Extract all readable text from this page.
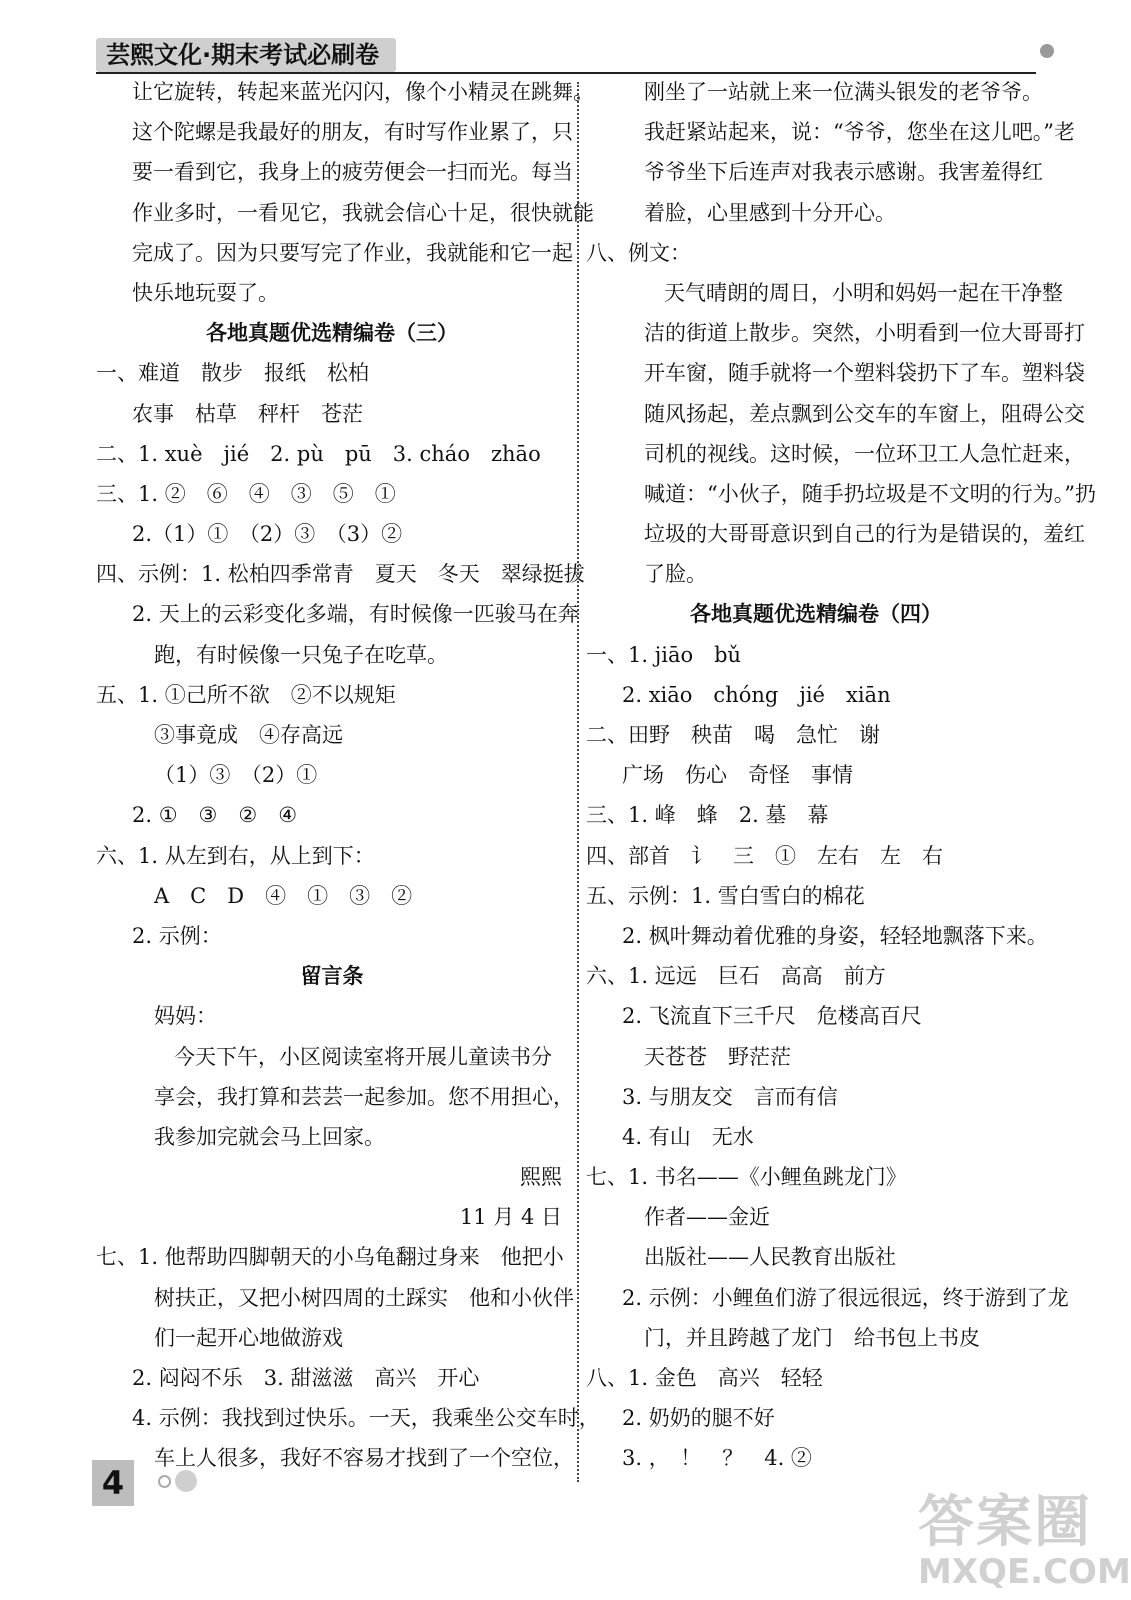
芸熙文化·期末考试必刷卷
让它旋转，转起来蓝光闪闪，像个小精灵在跳舞。
这个陀螺是我最好的朋友，有时写作业累了，只
要一看到它，我身上的疲劳便会一扫而光。每当
作业多时，一看见它，我就会信心十足，很快就能
完成了。因为只要写完了作业，我就能和它一起
快乐地玩耍了。
各地真题优选精编卷（三）
一、难道　散步　报纸　松柏
农事　枯草　秤杆　苍茫
二、1. xuè　jié　2. pù　pū　3. cháo　zhāo
三、1. ②　⑥　④　③　⑤　①
2.（1）①　（2）③　（3）②
四、示例：1. 松柏四季常青　夏天　冬天　翠绿挺拔
2. 天上的云彩变化多端，有时候像一匹骏马在奔
跑，有时候像一只兔子在吃草。
五、1. ①己所不欲　②不以规矩
③事竟成　④存高远
（1）③　（2）①
2. ①　③　②　④
六、1. 从左到右，从上到下：
A　C　D　④　①　③　②
2. 示例：
留言条
妈妈：
今天下午，小区阅读室将开展儿童读书分
享会，我打算和芸芸一起参加。您不用担心，
我参加完就会马上回家。
熙熙
11 月 4 日
七、1. 他帮助四脚朝天的小乌龟翻过身来　他把小
树扶正，又把小树四周的土踩实　他和小伙伴
们一起开心地做游戏
2. 闷闷不乐　3. 甜滋滋　高兴　开心
4. 示例：我找到过快乐。一天，我乘坐公交车时，
车上人很多，我好不容易才找到了一个空位，
刚坐了一站就上来一位满头银发的老爷爷。
我赶紧站起来，说：“爷爷，您坐在这儿吧。”老
爷爷坐下后连声对我表示感谢。我害羞得红
着脸，心里感到十分开心。
八、例文：
天气晴朗的周日，小明和妈妈一起在干净整
洁的街道上散步。突然，小明看到一位大哥哥打
开车窗，随手就将一个塑料袋扔下了车。塑料袋
随风扬起，差点飘到公交车的车窗上，阻碍公交
司机的视线。这时候，一位环卫工人急忙赶来，
喊道：“小伙子，随手扔垃圾是不文明的行为。”扔
垃圾的大哥哥意识到自己的行为是错误的，羞红
了脸。
各地真题优选精编卷（四）
一、1. jiāo　bǔ
2. xiāo　chóng　jié　xiān
二、田野　秧苗　喝　急忙　谢
广场　伤心　奇怪　事情
三、1. 峰　蜂　2. 墓　幕
四、部首　讠　三　①　左右　左　右
五、示例：1. 雪白雪白的棉花
2. 枫叶舞动着优雅的身姿，轻轻地飘落下来。
六、1. 远远　巨石　高高　前方
2. 飞流直下三千尺　危楼高百尺
天苍苍　野茫茫
3. 与朋友交　言而有信
4. 有山　无水
七、1. 书名——《小鲤鱼跳龙门》
作者——金近
出版社——人民教育出版社
2. 示例：小鲤鱼们游了很远很远，终于游到了龙
门，并且跨越了龙门　给书包上书皮
八、1. 金色　高兴　轻轻
2. 奶奶的腿不好
3. ，　！　？　4. ②
4
答案圈
MXQE.COM
